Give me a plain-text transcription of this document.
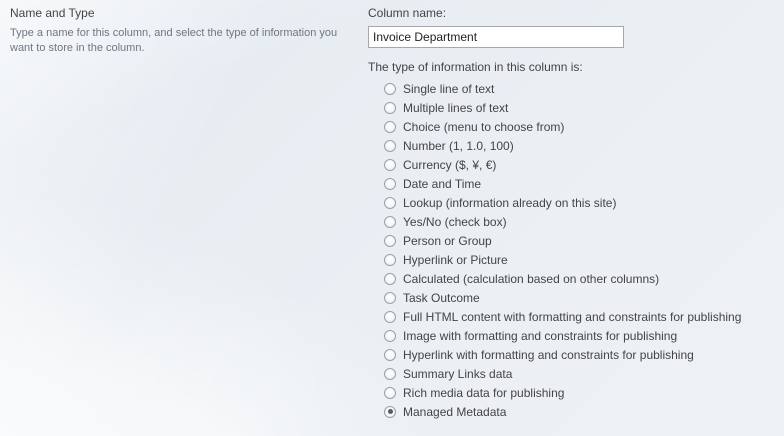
Name and Type
Type a name for this column, and select the type of information you want to store in the column.
Column name:
Invoice Department
The type of information in this column is:
Single line of text
Multiple lines of text
Choice (menu to choose from)
Number (1, 1.0, 100)
Currency ($, ¥, €)
Date and Time
Lookup (information already on this site)
Yes/No (check box)
Person or Group
Hyperlink or Picture
Calculated (calculation based on other columns)
Task Outcome
Full HTML content with formatting and constraints for publishing
Image with formatting and constraints for publishing
Hyperlink with formatting and constraints for publishing
Summary Links data
Rich media data for publishing
Managed Metadata
